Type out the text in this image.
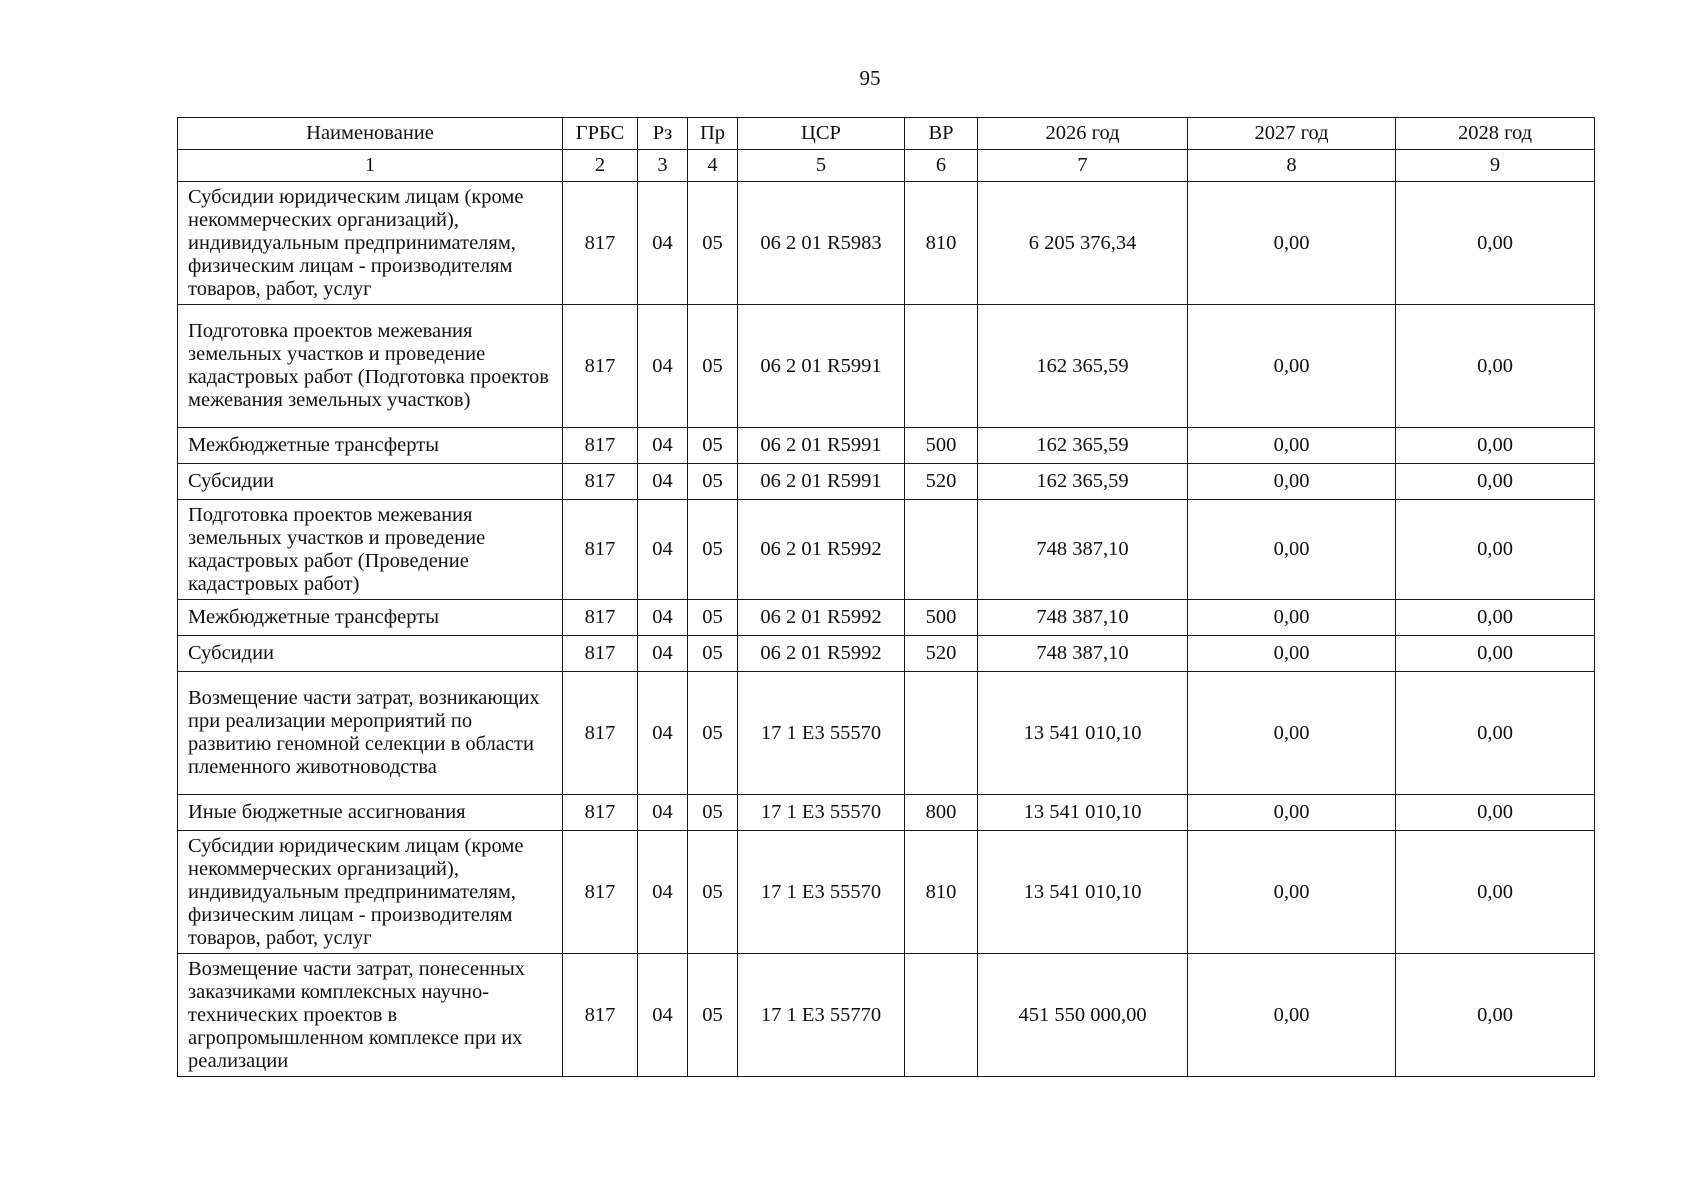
95
Наименование	ГРБС	Рз	Пр	ЦСР	ВР	2026 год	2027 год	2028 год
1	2	3	4	5	6	7	8	9
Субсидии юридическим лицам (кроме некоммерческих организаций), индивидуальным предпринимателям, физическим лицам - производителям товаров, работ, услуг	817	04	05	06 2 01 R5983	810	6 205 376,34	0,00	0,00
Подготовка проектов межевания земельных участков и проведение кадастровых работ (Подготовка проектов межевания земельных участков)	817	04	05	06 2 01 R5991		162 365,59	0,00	0,00
Межбюджетные трансферты	817	04	05	06 2 01 R5991	500	162 365,59	0,00	0,00
Субсидии	817	04	05	06 2 01 R5991	520	162 365,59	0,00	0,00
Подготовка проектов межевания земельных участков и проведение кадастровых работ (Проведение кадастровых работ)	817	04	05	06 2 01 R5992		748 387,10	0,00	0,00
Межбюджетные трансферты	817	04	05	06 2 01 R5992	500	748 387,10	0,00	0,00
Субсидии	817	04	05	06 2 01 R5992	520	748 387,10	0,00	0,00
Возмещение части затрат, возникающих при реализации мероприятий по развитию геномной селекции в области племенного животноводства	817	04	05	17 1 E3 55570		13 541 010,10	0,00	0,00
Иные бюджетные ассигнования	817	04	05	17 1 E3 55570	800	13 541 010,10	0,00	0,00
Субсидии юридическим лицам (кроме некоммерческих организаций), индивидуальным предпринимателям, физическим лицам - производителям товаров, работ, услуг	817	04	05	17 1 E3 55570	810	13 541 010,10	0,00	0,00
Возмещение части затрат, понесенных заказчиками комплексных научно-технических проектов в агропромышленном комплексе при их реализации	817	04	05	17 1 E3 55770		451 550 000,00	0,00	0,00
